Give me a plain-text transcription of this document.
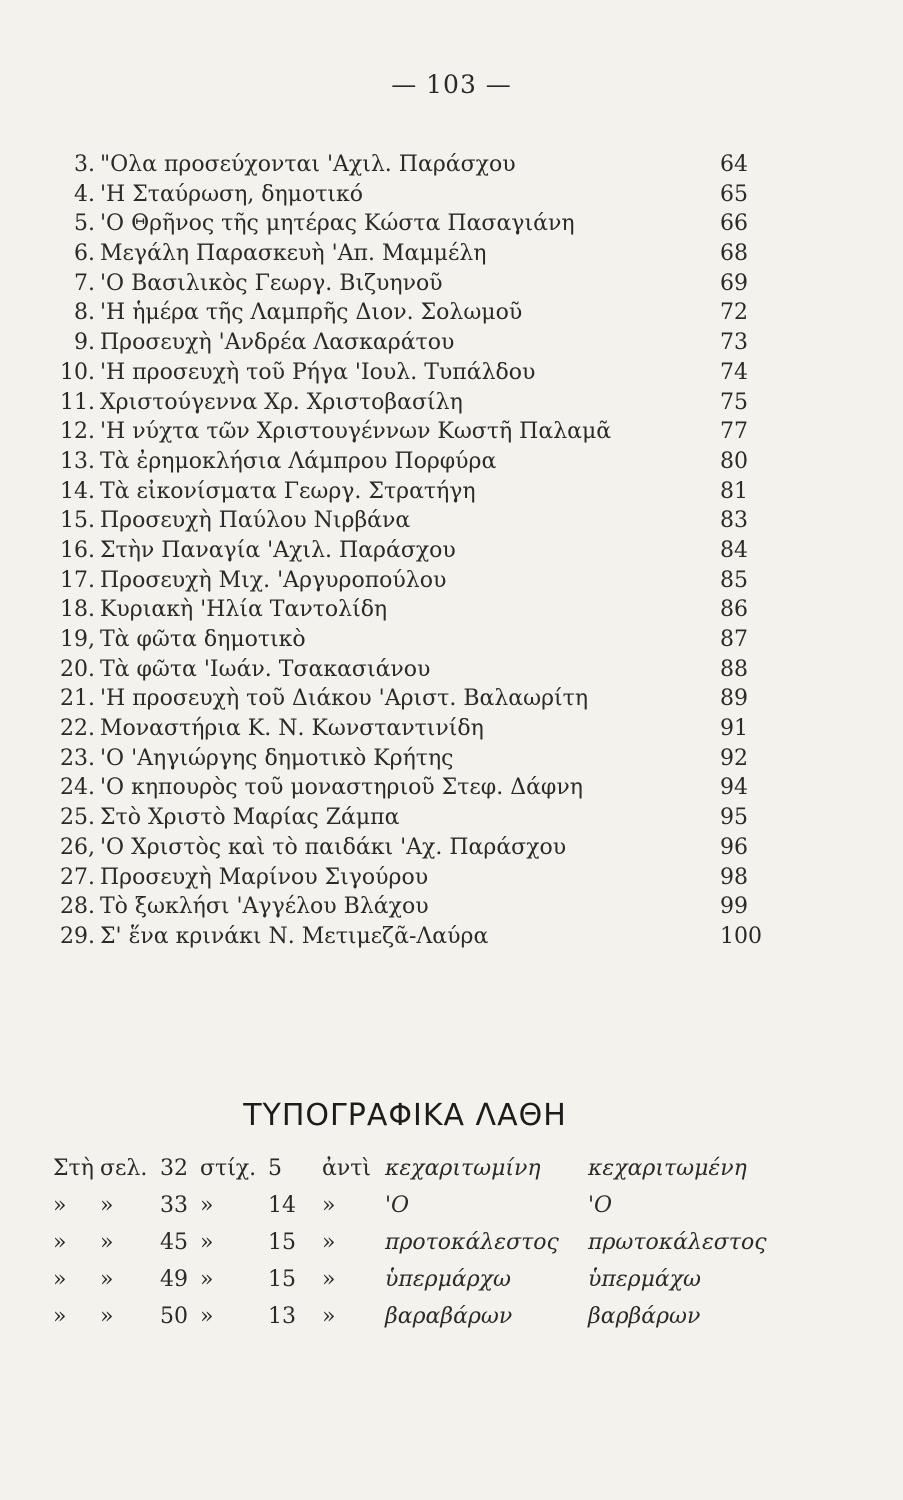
— 103 —
3. "Ολα προσεύχονται 'Αχιλ. Παράσχου	64
4. 'Η Σταύρωση, δημοτικό	65
5. 'Ο Θρῆνος τῆς μητέρας Κώστα Πασαγιάνη	66
6. Μεγάλη Παρασκευὴ 'Απ. Μαμμέλη	68
7. 'Ο Βασιλικὸς Γεωργ. Βιζυηνοῦ	69
8. 'Η ἡμέρα τῆς Λαμπρῆς Διον. Σολωμοῦ	72
9. Προσευχὴ 'Ανδρέα Λασκαράτου	73
10. 'Η προσευχὴ τοῦ Ρήγα 'Ιουλ. Τυπάλδου	74
11. Χριστούγεννα Χρ. Χριστοβασίλη	75
12. 'Η νύχτα τῶν Χριστουγέννων Κωστῆ Παλαμᾶ	77
13. Τὰ ἐρημοκλήσια Λάμπρου Πορφύρα	80
14. Τὰ εἰκονίσματα Γεωργ. Στρατήγη	81
15. Προσευχὴ Παύλου Νιρβάνα	83
16. Στὴν Παναγία 'Αχιλ. Παράσχου	84
17. Προσευχὴ Μιχ. 'Αργυροπούλου	85
18. Κυριακὴ 'Ηλία Ταντολίδη	86
19, Τὰ φῶτα δημοτικὸ	87
20. Τὰ φῶτα 'Ιωάν. Τσακασιάνου	88
21. 'Η προσευχὴ τοῦ Διάκου 'Αριστ. Βαλαωρίτη	89
22. Μοναστήρια Κ. Ν. Κωνσταντινίδη	91
23. 'Ο 'Αηγιώργης δημοτικὸ Κρήτης	92
24. 'Ο κηπουρὸς τοῦ μοναστηριοῦ Στεφ. Δάφνη	94
25. Στὸ Χριστὸ Μαρίας Ζάμπα	95
26, 'Ο Χριστὸς καὶ τὸ παιδάκι 'Αχ. Παράσχου	96
27. Προσευχὴ Μαρίνου Σιγούρου	98
28. Τὸ ξωκλήσι 'Αγγέλου Βλάχου	99
29. Σ' ἕνα κρινάκι Ν. Μετιμεζᾶ-Λαύρα	100
ΤΥΠΟΓΡΑΦΙΚΑ ΛΑΘΗ
Στὴ σελ. 32 στίχ. 5 ἀντὶ κεχαριτωμίνη κεχαριτωμένη
» » 33 » 14 » 'Ο	'Ο
» » 45 » 15 » προτοκάλεστος πρωτοκάλεστος
» » 49 » 15 » ὑπερμάρχω	ὑπερμάχω
» » 50 » 13 » βαραβάρων	βαρβάρων
